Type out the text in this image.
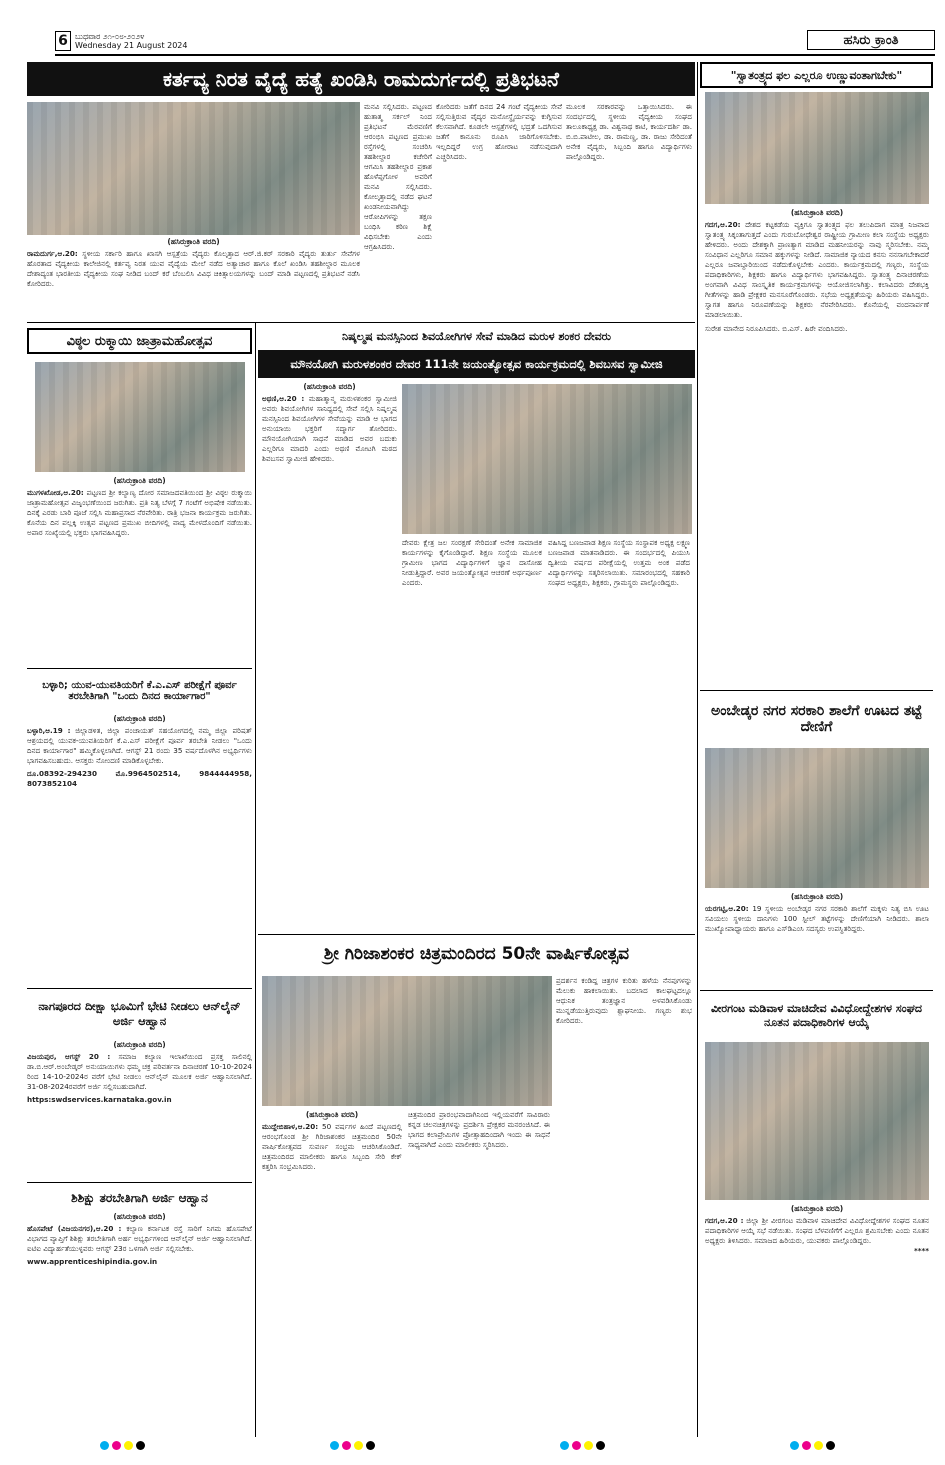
6 ಬುಧವಾರ ೨೧-೦೮-೨೦೨೪
Wednesday 21 August 2024	ಹಸಿರು ಕ್ರಾಂತಿ
ಕರ್ತವ್ಯ ನಿರತ ವೈದ್ಯೆ ಹತ್ಯೆ ಖಂಡಿಸಿ ರಾಮದುರ್ಗದಲ್ಲಿ ಪ್ರತಿಭಟನೆ
(ಹಸಿರುಕ್ರಾಂತಿ ವರದಿ)
ರಾಮದುರ್ಗ,ಆ.20: ಸ್ಥಳೀಯ ಸರ್ಕಾರಿ ಹಾಗೂ ಖಾಸಗಿ ಆಸ್ಪತ್ರೆಯ ವೈದ್ಯರು ಕೊಲ್ಕತ್ತಾದ ಆರ್.ಜಿ.ಕರ್ ಸರಕಾರಿ ವೈದ್ಯರು ತುರ್ತು ಸೇವೆಗಳ ಹೊರತಾದ ವೈದ್ಯಕೀಯ ಕಾಲೇಜಿನಲ್ಲಿ ಕರ್ತವ್ಯ ನಿರತ ಯುವ ವೈದ್ಯೆಯ ಮೇಲೆ ನಡೆದ ಅತ್ಯಾಚಾರ ಹಾಗೂ ಕೊಲೆ ಖಂಡಿಸಿ ತಹಶೀಲ್ದಾರ ಮೂಲಕ ದೇಶಾದ್ಯಂತ ಭಾರತೀಯ ವೈದ್ಯಕೀಯ ಸಂಘ ನೀಡಿದ ಬಂದ್ ಕರೆ ಬೆಂಬಲಿಸಿ ವಿವಿಧ ಚಿಕಿತ್ಸಾಲಯಗಳನ್ನು ಬಂದ್ ಮಾಡಿ ಪಟ್ಟಣದಲ್ಲಿ ಪ್ರತಿಭಟನೆ ನಡೆಸಿ ಕೋರಿದರು.
ಮನವಿ ಸಲ್ಲಿಸಿದರು. ಪಟ್ಟಣದ ಹುತಾತ್ಮ ಸರ್ಕಲ್ ನಿಂದ ಪ್ರತಿಭಟನೆ ಮೆರವಣಿಗೆ ಆರಂಭಿಸಿ ಪಟ್ಟಣದ ಪ್ರಮುಖ ರಸ್ತೆಗಳಲ್ಲಿ ಸಂಚರಿಸಿ ತಹಶೀಲ್ದಾರ ಕಚೇರಿಗೆ ಆಗಮಿಸಿ ತಹಶೀಲ್ದಾರ ಪ್ರಕಾಶ ಹೊಳೆಪ್ಪಗೋಳ ಅವರಿಗೆ ಮನವಿ ಸಲ್ಲಿಸಿದರು. ಕೋಲ್ಕತ್ತಾದಲ್ಲಿ ನಡೆದ ಘಟನೆ ಖಂಡನೀಯವಾಗಿದ್ದು ಆರೋಪಿಗಳನ್ನು ತಕ್ಷಣ ಬಂಧಿಸಿ ಕಠಿಣ ಶಿಕ್ಷೆ ವಿಧಿಸಬೇಕು ಎಂದು ಆಗ್ರಹಿಸಿದರು.
ಕೋರಿದರು ಜತೆಗೆ ದಿನದ 24 ಗಂಟೆ ವೈದ್ಯಕೀಯ ಸೇವೆ ಸಲ್ಲಿಸುತ್ತಿರುವ ವೈದ್ಯರ ಮನೋಸ್ಥೈರ್ಯವನ್ನು ಕುಗ್ಗಿಸುವ ಕೆಲಸವಾಗಿದೆ. ಕೂಡಲೇ ಆಸ್ಪತ್ರೆಗಳಲ್ಲಿ ಭದ್ರತೆ ಒದಗಿಸುವ ಜತೆಗೆ ಕಾನೂನು ರೂಪಿಸಿ ಜಾರಿಗೊಳಿಸಬೇಕು. ಇಲ್ಲದಿದ್ದರೆ ಉಗ್ರ ಹೋರಾಟ ನಡೆಸುವುದಾಗಿ ಎಚ್ಚರಿಸಿದರು.
ಮೂಲಕ ಸರಕಾರವನ್ನು ಒತ್ತಾಯಿಸಿದರು. ಈ ಸಂದರ್ಭದಲ್ಲಿ ಸ್ಥಳೀಯ ವೈದ್ಯಕೀಯ ಸಂಘದ ತಾಲೂಕಾಧ್ಯಕ್ಷ ಡಾ. ವಿಶ್ವನಾಥ ಕಾಟಿ, ಕಾರ್ಯದರ್ಶಿ ಡಾ. ಬಿ.ಬಿ.ಪಾಟೀಲ, ಡಾ. ರಾಮಣ್ಣ, ಡಾ. ರಾಜು ಸೇರಿದಂತೆ ಅನೇಕ ವೈದ್ಯರು, ಸಿಬ್ಬಂದಿ ಹಾಗೂ ವಿದ್ಯಾರ್ಥಿಗಳು ಪಾಲ್ಗೊಂಡಿದ್ದರು.
"ಸ್ವಾತಂತ್ರ್ಯದ ಫಲ ಎಲ್ಲರೂ ಉಣ್ಣುವಂತಾಗಬೇಕು"
(ಹಸಿರುಕ್ರಾಂತಿ ವರದಿ)
ಗದಗ,ಆ.20: ದೇಶದ ಕಟ್ಟಕಡೆಯ ವ್ಯಕ್ತಿಗೂ ಸ್ವಾತಂತ್ರ್ಯದ ಫಲ ತಲುಪಿದಾಗ ಮಾತ್ರ ನಿಜವಾದ ಸ್ವಾತಂತ್ರ್ಯ ಸಿಕ್ಕಂತಾಗುತ್ತದೆ ಎಂದು ಗುರುಬೋಧೇಶ್ವರ ರಾಷ್ಟ್ರೀಯ ಗ್ರಾಮೀಣ ಕಲಾ ಸಂಸ್ಥೆಯ ಅಧ್ಯಕ್ಷರು ಹೇಳಿದರು. ಅಂದು ದೇಶಕ್ಕಾಗಿ ಪ್ರಾಣತ್ಯಾಗ ಮಾಡಿದ ಮಹನೀಯರನ್ನು ನಾವು ಸ್ಮರಿಸಬೇಕು. ನಮ್ಮ ಸಂವಿಧಾನ ಎಲ್ಲರಿಗೂ ಸಮಾನ ಹಕ್ಕುಗಳನ್ನು ನೀಡಿದೆ. ಸಾಮಾಜಿಕ ನ್ಯಾಯದ ಕನಸು ನನಸಾಗಬೇಕಾದರೆ ಎಲ್ಲರೂ ಜವಾಬ್ದಾರಿಯಿಂದ ನಡೆದುಕೊಳ್ಳಬೇಕು ಎಂದರು. ಕಾರ್ಯಕ್ರಮದಲ್ಲಿ ಗಣ್ಯರು, ಸಂಸ್ಥೆಯ ಪದಾಧಿಕಾರಿಗಳು, ಶಿಕ್ಷಕರು ಹಾಗೂ ವಿದ್ಯಾರ್ಥಿಗಳು ಭಾಗವಹಿಸಿದ್ದರು. ಸ್ವಾತಂತ್ರ್ಯ ದಿನಾಚರಣೆಯ ಅಂಗವಾಗಿ ವಿವಿಧ ಸಾಂಸ್ಕೃತಿಕ ಕಾರ್ಯಕ್ರಮಗಳನ್ನು ಆಯೋಜಿಸಲಾಗಿತ್ತು. ಕಲಾವಿದರು ದೇಶಭಕ್ತಿ ಗೀತೆಗಳನ್ನು ಹಾಡಿ ಪ್ರೇಕ್ಷಕರ ಮನಸೂರೆಗೊಂಡರು. ಸಭೆಯ ಅಧ್ಯಕ್ಷತೆಯನ್ನು ಹಿರಿಯರು ವಹಿಸಿದ್ದರು. ಸ್ವಾಗತ ಹಾಗೂ ನಿರೂಪಣೆಯನ್ನು ಶಿಕ್ಷಕರು ನೆರವೇರಿಸಿದರು. ಕೊನೆಯಲ್ಲಿ ವಂದನಾರ್ಪಣೆ ಮಾಡಲಾಯಿತು.
ಸುರೇಶ ಮಾನೇದ ನಿರೂಪಿಸಿದರು. ಬಿ.ಎಸ್. ಹಿರೇ ವಂದಿಸಿದರು.
ವಿಠ್ಠಲ ರುಕ್ಮಾಯಿ ಜಾತ್ರಾಮಹೋತ್ಸವ
(ಹಸಿರುಕ್ರಾಂತಿ ವರದಿ)
ಮುಗಳಖೋಡ,ಆ.20: ಪಟ್ಟಣದ ಶ್ರೀ ಕಲ್ಯಾಣ್ಯ ದೋರ ಸಮಾಜದವತಿಯಿಂದ ಶ್ರೀ ವಿಠ್ಠಲ ರುಕ್ಮಾಯಿ ಜಾತ್ರಾಮಹೋತ್ಸವ ವಿಜೃಂಭಣೆಯಿಂದ ಜರುಗಿತು. ಪ್ರತಿ ನಿತ್ಯ ಬೆಳಗ್ಗೆ 7 ಗಂಟೆಗೆ ಅಭಿಷೇಕ ನಡೆಯಿತು. ದಿನಕ್ಕೆ ಎರಡು ಬಾರಿ ಪೂಜೆ ಸಲ್ಲಿಸಿ ಮಹಾಪ್ರಸಾದ ನೆರವೇರಿತು. ರಾತ್ರಿ ಭಜನಾ ಕಾರ್ಯಕ್ರಮ ಜರುಗಿತು. ಕೊನೆಯ ದಿನ ಪಲ್ಲಕ್ಕಿ ಉತ್ಸವ ಪಟ್ಟಣದ ಪ್ರಮುಖ ಬೀದಿಗಳಲ್ಲಿ ವಾದ್ಯ ಮೇಳದೊಂದಿಗೆ ನಡೆಯಿತು. ಅಪಾರ ಸಂಖ್ಯೆಯಲ್ಲಿ ಭಕ್ತರು ಭಾಗವಹಿಸಿದ್ದರು.
ಬಳ್ಳಾರಿ; ಯುವ-ಯುವತಿಯರಿಗೆ ಕೆ.ಎ.ಎಸ್ ಪರೀಕ್ಷೆಗೆ ಪೂರ್ವ ತರಬೇತಿಗಾಗಿ "ಒಂದು ದಿನದ ಕಾರ್ಯಾಗಾರ"
(ಹಸಿರುಕ್ರಾಂತಿ ವರದಿ)
ಬಳ್ಳಾರಿ,ಆ.19 : ಜಿಲ್ಲಾಡಳಿತ, ಜಿಲ್ಲಾ ಪಂಚಾಯತ್ ಸಹಯೋಗದಲ್ಲಿ ನಮ್ಮ ಜಿಲ್ಲಾ ಪರಿಷತ್ ಆಶ್ರಯದಲ್ಲಿ ಯುವಕ-ಯುವತಿಯರಿಗೆ ಕೆ.ಎ.ಎಸ್ ಪರೀಕ್ಷೆಗೆ ಪೂರ್ವ ತರಬೇತಿ ನೀಡಲು "ಒಂದು ದಿನದ ಕಾರ್ಯಾಗಾರ" ಹಮ್ಮಿಕೊಳ್ಳಲಾಗಿದೆ. ಆಗಸ್ಟ್ 21 ರಂದು 35 ವರ್ಷದೊಳಗಿನ ಅಭ್ಯರ್ಥಿಗಳು ಭಾಗವಹಿಸಬಹುದು. ಆಸಕ್ತರು ನೋಂದಣಿ ಮಾಡಿಕೊಳ್ಳಬೇಕು.
ದೂ.08392-294230 ಮೊ.9964502514, 9844444958, 8073852104
ನಾಗಪೂರದ ದೀಕ್ಷಾ ಭೂಮಿಗೆ ಭೇಟಿ ನೀಡಲು ಆನ್‌ಲೈನ್ ಅರ್ಜಿ ಆಹ್ವಾನ
(ಹಸಿರುಕ್ರಾಂತಿ ವರದಿ)
ವಿಜಯಪುರ, ಆಗಸ್ಟ್ 20 : ಸಮಾಜ ಕಲ್ಯಾಣ ಇಲಾಖೆಯಿಂದ ಪ್ರಸಕ್ತ ಸಾಲಿನಲ್ಲಿ ಡಾ.ಬಿ.ಆರ್.ಅಂಬೇಡ್ಕರ್ ಅನುಯಾಯಿಗಳು ಧಮ್ಮ ಚಕ್ರ ಪರಿವರ್ತನಾ ದಿನಾಚರಣೆ 10-10-2024 ರಿಂದ 14-10-2024ರ ವರೆಗೆ ಭೇಟಿ ನೀಡಲು ಆನ್‌ಲೈನ್ ಮೂಲಕ ಅರ್ಜಿ ಆಹ್ವಾನಿಸಲಾಗಿದೆ. 31-08-2024ರವರೆಗೆ ಅರ್ಜಿ ಸಲ್ಲಿಸಬಹುದಾಗಿದೆ.
https:swdservices.karnataka.gov.in
ಶಿಶಿಕ್ಷು ತರಬೇತಿಗಾಗಿ ಅರ್ಜಿ ಆಹ್ವಾನ
(ಹಸಿರುಕ್ರಾಂತಿ ವರದಿ)
ಹೊಸಪೇಟೆ (ವಿಜಯನಗರ),ಆ.20 : ಕಲ್ಯಾಣ ಕರ್ನಾಟಕ ರಸ್ತೆ ಸಾರಿಗೆ ನಿಗಮ ಹೊಸಪೇಟೆ ವಿಭಾಗದ ವ್ಯಾಪ್ತಿಗೆ ಶಿಶಿಕ್ಷು ತರಬೇತಿಗಾಗಿ ಅರ್ಹ ಅಭ್ಯರ್ಥಿಗಳಿಂದ ಆನ್‌ಲೈನ್ ಅರ್ಜಿ ಆಹ್ವಾನಿಸಲಾಗಿದೆ. ಐಟಿಐ ವಿದ್ಯಾರ್ಹತೆಯುಳ್ಳವರು ಆಗಸ್ಟ್ 23ರ ಒಳಗಾಗಿ ಅರ್ಜಿ ಸಲ್ಲಿಸಬೇಕು.
www.apprenticeshipindia.gov.in
ನಿಷ್ಕಲ್ಮಷ ಮನಸ್ಸಿನಿಂದ ಶಿವಯೋಗಿಗಳ ಸೇವೆ ಮಾಡಿದ ಮರುಳ ಶಂಕರ ದೇವರು
ಮೌನಯೋಗಿ ಮರುಳಶಂಕರ ದೇವರ 111ನೇ ಜಯಂತ್ಯೋತ್ಸವ ಕಾರ್ಯಕ್ರಮದಲ್ಲಿ ಶಿವಬಸವ ಸ್ವಾಮೀಜಿ
(ಹಸಿರುಕ್ರಾಂತಿ ವರದಿ)
ಅಥಣಿ,ಆ.20 : ಮಹಾತ್ಮಾನ್ಮ ಮರುಳಶಂಕರ ಸ್ವಾಮೀಜಿ ಅವರು ಶಿವಯೋಗಿಗಳ ಸಾನಿಧ್ಯದಲ್ಲಿ ಸೇವೆ ಸಲ್ಲಿಸಿ ನಿಷ್ಕಲ್ಮಷ ಮನಸ್ಸಿನಿಂದ ಶಿವಯೋಗಿಗಳ ಸೇವೆಯನ್ನು ಮಾಡಿ ಆ ಭಾಗದ ಅನುಯಾಯಿ ಭಕ್ತರಿಗೆ ಸದ್ಮಾರ್ಗ ತೋರಿದರು. ಮೌನಯೋಗಿಯಾಗಿ ಸಾಧನೆ ಮಾಡಿದ ಅವರ ಬದುಕು ಎಲ್ಲರಿಗೂ ಮಾದರಿ ಎಂದು ಅಥಣಿ ಮೋಟಗಿ ಮಠದ ಶಿವಬಸವ ಸ್ವಾಮೀಜಿ ಹೇಳಿದರು.
ದೇವರು ಕ್ಷೇತ್ರ ಜಲ ಸಂರಕ್ಷಣೆ ಸೇರಿದಂತೆ ಅನೇಕ ಸಾಮಾಜಿಕ ಕಾರ್ಯಗಳನ್ನು ಕೈಗೊಂಡಿದ್ದಾರೆ. ಶಿಕ್ಷಣ ಸಂಸ್ಥೆಯ ಮೂಲಕ ಗ್ರಾಮೀಣ ಭಾಗದ ವಿದ್ಯಾರ್ಥಿಗಳಿಗೆ ಜ್ಞಾನ ದಾಸೋಹ ನೀಡುತ್ತಿದ್ದಾರೆ. ಅವರ ಜಯಂತ್ಯೋತ್ಸವ ಆಚರಣೆ ಅರ್ಥಪೂರ್ಣ ಎಂದರು.
ವಹಿಸಿದ್ದ ಬಣಜವಾಡ ಶಿಕ್ಷಣ ಸಂಸ್ಥೆಯ ಸಂಸ್ಥಾಪಕ ಅಧ್ಯಕ್ಷ ಲಕ್ಷ್ಮಣ ಬಣಜವಾಡ ಮಾತನಾಡಿದರು. ಈ ಸಂದರ್ಭದಲ್ಲಿ ಪಿಯುಸಿ ದ್ವಿತೀಯ ವರ್ಷದ ಪರೀಕ್ಷೆಯಲ್ಲಿ ಉತ್ತಮ ಅಂಕ ಪಡೆದ ವಿದ್ಯಾರ್ಥಿಗಳನ್ನು ಸತ್ಕರಿಸಲಾಯಿತು. ಸಮಾರಂಭದಲ್ಲಿ ಸಹಕಾರಿ ಸಂಘದ ಅಧ್ಯಕ್ಷರು, ಶಿಕ್ಷಕರು, ಗ್ರಾಮಸ್ಥರು ಪಾಲ್ಗೊಂಡಿದ್ದರು.
ಶ್ರೀ ಗಿರಿಜಾಶಂಕರ ಚಿತ್ರಮಂದಿರದ 50ನೇ ವಾರ್ಷಿಕೋತ್ಸವ
(ಹಸಿರುಕ್ರಾಂತಿ ವರದಿ)
ಮುದ್ದೇಬಿಹಾಳ,ಆ.20: 50 ವರ್ಷಗಳ ಹಿಂದೆ ಪಟ್ಟಣದಲ್ಲಿ ಆರಂಭಗೊಂಡ ಶ್ರೀ ಗಿರಿಜಾಶಂಕರ ಚಿತ್ರಮಂದಿರ 50ನೇ ವಾರ್ಷಿಕೋತ್ಸವದ ಸುವರ್ಣ ಸಂಭ್ರಮ ಆಚರಿಸಿಕೊಂಡಿದೆ. ಚಿತ್ರಮಂದಿರದ ಮಾಲೀಕರು ಹಾಗೂ ಸಿಬ್ಬಂದಿ ಸೇರಿ ಕೇಕ್ ಕತ್ತರಿಸಿ ಸಂಭ್ರಮಿಸಿದರು.
ಚಿತ್ರಮಂದಿರ ಪ್ರಾರಂಭವಾದಾಗಿನಿಂದ ಇಲ್ಲಿಯವರೆಗೆ ಸಾವಿರಾರು ಕನ್ನಡ ಚಲನಚಿತ್ರಗಳನ್ನು ಪ್ರದರ್ಶಿಸಿ ಪ್ರೇಕ್ಷಕರ ಮನರಂಜಿಸಿದೆ. ಈ ಭಾಗದ ಕಲಾಪ್ರೇಮಿಗಳ ಪ್ರೋತ್ಸಾಹದಿಂದಾಗಿ ಇಂದು ಈ ಸಾಧನೆ ಸಾಧ್ಯವಾಗಿದೆ ಎಂದು ಮಾಲೀಕರು ಸ್ಮರಿಸಿದರು.
ಪ್ರದರ್ಶನ ಕಂಡಿದ್ದ ಚಿತ್ರಗಳ ಕುರಿತು ಹಳೆಯ ನೆನಪುಗಳನ್ನು ಮೆಲುಕು ಹಾಕಲಾಯಿತು. ಬದಲಾದ ಕಾಲಘಟ್ಟದಲ್ಲೂ ಆಧುನಿಕ ತಂತ್ರಜ್ಞಾನ ಅಳವಡಿಸಿಕೊಂಡು ಮುನ್ನಡೆಯುತ್ತಿರುವುದು ಶ್ಲಾಘನೀಯ. ಗಣ್ಯರು ಶುಭ ಕೋರಿದರು.
ಅಂಬೇಡ್ಕರ ನಗರ ಸರಕಾರಿ ಶಾಲೆಗೆ ಊಟದ ತಟ್ಟೆ ದೇಣಿಗೆ
(ಹಸಿರುಕ್ರಾಂತಿ ವರದಿ)
ಯರಗಟ್ಟಿ,ಆ.20: 19 ಸ್ಥಳೀಯ ಅಂಬೇಡ್ಕರ ನಗರ ಸರಕಾರಿ ಶಾಲೆಗೆ ಮಕ್ಕಳು ನಿತ್ಯ ಬಿಸಿ ಊಟ ಸವಿಯಲು ಸ್ಥಳೀಯ ದಾನಿಗಳು 100 ಸ್ಟೀಲ್ ತಟ್ಟೆಗಳನ್ನು ದೇಣಿಗೆಯಾಗಿ ನೀಡಿದರು. ಶಾಲಾ ಮುಖ್ಯೋಪಾಧ್ಯಾಯರು ಹಾಗೂ ಎಸ್‌ಡಿಎಂಸಿ ಸದಸ್ಯರು ಉಪಸ್ಥಿತರಿದ್ದರು.
ವೀರಗಂಟ ಮಡಿವಾಳ ಮಾಚಿದೇವ ವಿವಿಧೋದ್ದೇಶಗಳ ಸಂಘದ ನೂತನ ಪದಾಧಿಕಾರಿಗಳ ಆಯ್ಕೆ
(ಹಸಿರುಕ್ರಾಂತಿ ವರದಿ)
ಗದಗ,ಆ.20 : ಜಿಲ್ಲಾ ಶ್ರೀ ವೀರಗಂಟ ಮಡಿವಾಳ ಮಾಚಿದೇವ ವಿವಿಧೋದ್ದೇಶಗಳ ಸಂಘದ ನೂತನ ಪದಾಧಿಕಾರಿಗಳ ಆಯ್ಕೆ ಸಭೆ ನಡೆಯಿತು. ಸಂಘದ ಬೆಳವಣಿಗೆಗೆ ಎಲ್ಲರೂ ಶ್ರಮಿಸಬೇಕು ಎಂದು ನೂತನ ಅಧ್ಯಕ್ಷರು ತಿಳಿಸಿದರು. ಸಮಾಜದ ಹಿರಿಯರು, ಯುವಕರು ಪಾಲ್ಗೊಂಡಿದ್ದರು.
****
